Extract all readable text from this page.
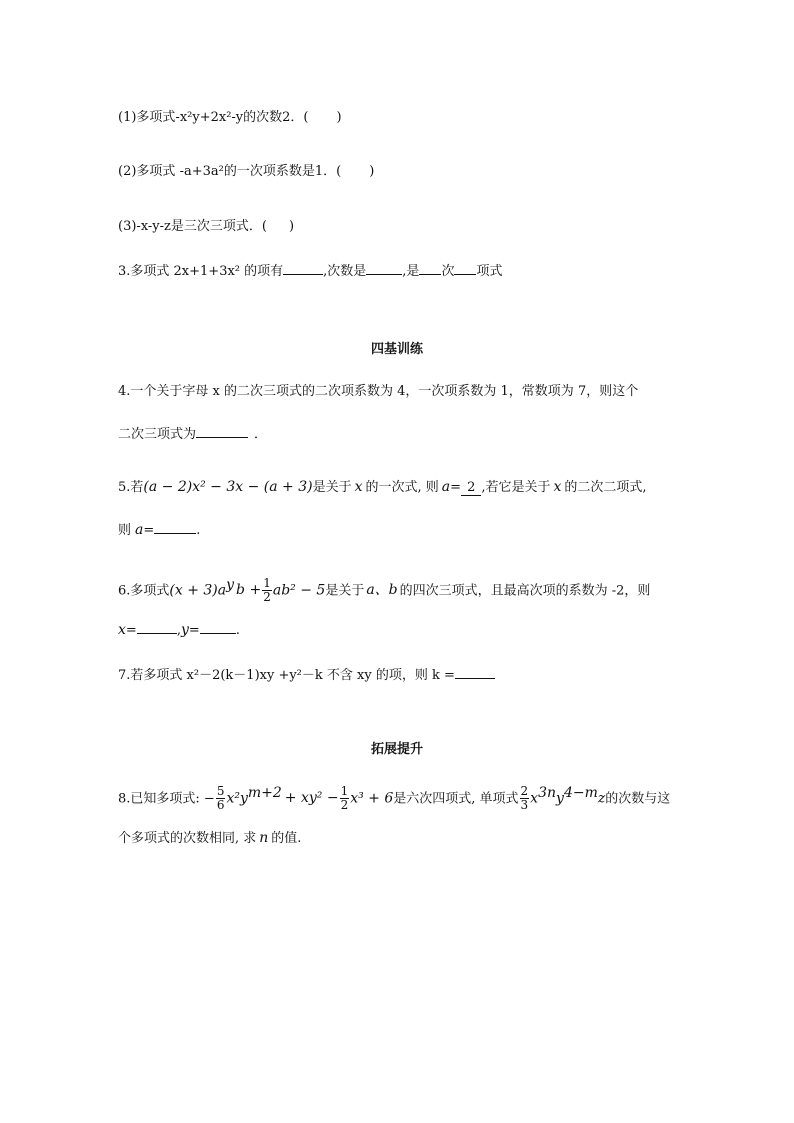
(1)多项式-x²y+2x²-y的次数2．( )
(2)多项式 -a+3a²的一次项系数是1．( )
(3)-x-y-z是三次三项式．( )
3.多项式 2x+1+3x² 的项有	,次数是	,是 次 项式
四基训练
4.一个关于字母 x 的二次三项式的二次项系数为 4，一次项系数为 1，常数项为 7，则这个
二次三项式为	．
5.若(a − 2)x² − 3x − (a + 3)是关于 x 的一次式, 则 a= 2 ,若它是关于 x 的二次二项式,
则 a=	.
6.多项式$(x + 3)a^y$ $b + \frac{1}{2} ab^2 - 5$是关于 a、b 的四次三项式，且最高次项的系数为 -2，则
x=	,y=	.
7.若多项式 x²－2(k－1)xy +y²－k 不含 xy 的项，则 k =
拓展提升
8.已知多项式: − $\frac{5}{6} x^2y^{m+2} + xy^2 - \frac{1}{2} x^3 + 6$是六次四项式, 单项式 $\frac{2}{3} x^{3n}y^{4-m}z$的次数与这
个多项式的次数相同, 求 n 的值.
